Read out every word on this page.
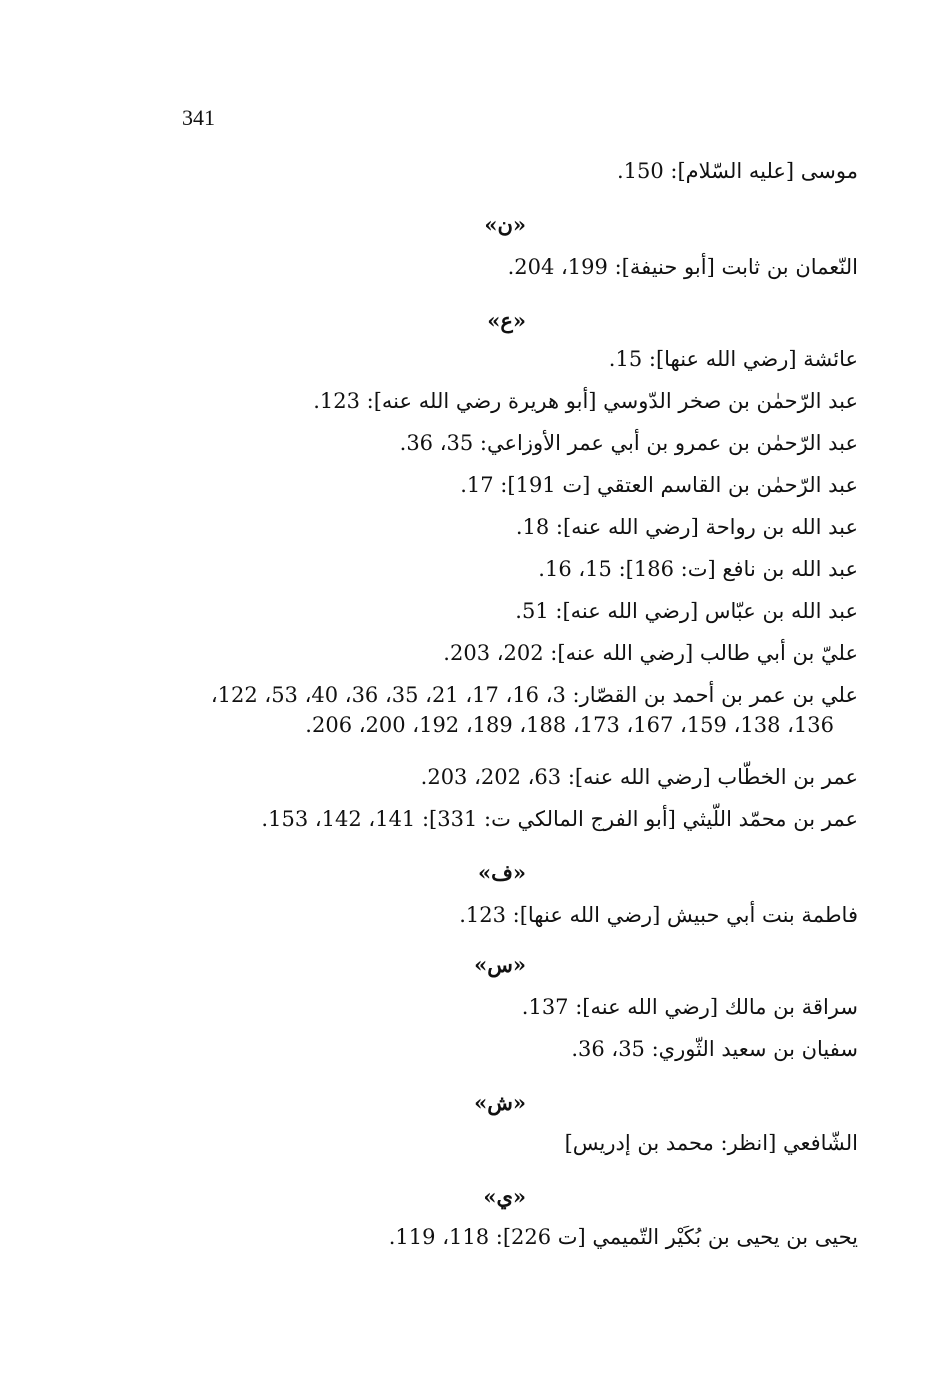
341
موسى [عليه السّلام]: 150.
«ن»
النّعمان بن ثابت [أبو حنيفة]: 199، 204.
«ع»
عائشة [رضي الله عنها]: 15.
عبد الرّحمٰن بن صخر الدّوسي [أبو هريرة رضي الله عنه]: 123.
عبد الرّحمٰن بن عمرو بن أبي عمر الأوزاعي: 35، 36.
عبد الرّحمٰن بن القاسم العتقي [ت 191]: 17.
عبد الله بن رواحة [رضي الله عنه]: 18.
عبد الله بن نافع [ت: 186]: 15، 16.
عبد الله بن عبّاس [رضي الله عنه]: 51.
عليّ بن أبي طالب [رضي الله عنه]: 202، 203.
علي بن عمر بن أحمد بن القصّار: 3، 16، 17، 21، 35، 36، 40، 53، 122،
136، 138، 159، 167، 173، 188، 189، 192، 200، 206.
عمر بن الخطّاب [رضي الله عنه]: 63، 202، 203.
عمر بن محمّد اللّيثي [أبو الفرج المالكي ت: 331]: 141، 142، 153.
«ف»
فاطمة بنت أبي حبيش [رضي الله عنها]: 123.
«س»
سراقة بن مالك [رضي الله عنه]: 137.
سفيان بن سعيد الثّوري: 35، 36.
«ش»
الشّافعي [انظر: محمد بن إدريس]
«ي»
يحيى بن يحيى بن بُكَيْر التّميمي [ت 226]: 118، 119.
